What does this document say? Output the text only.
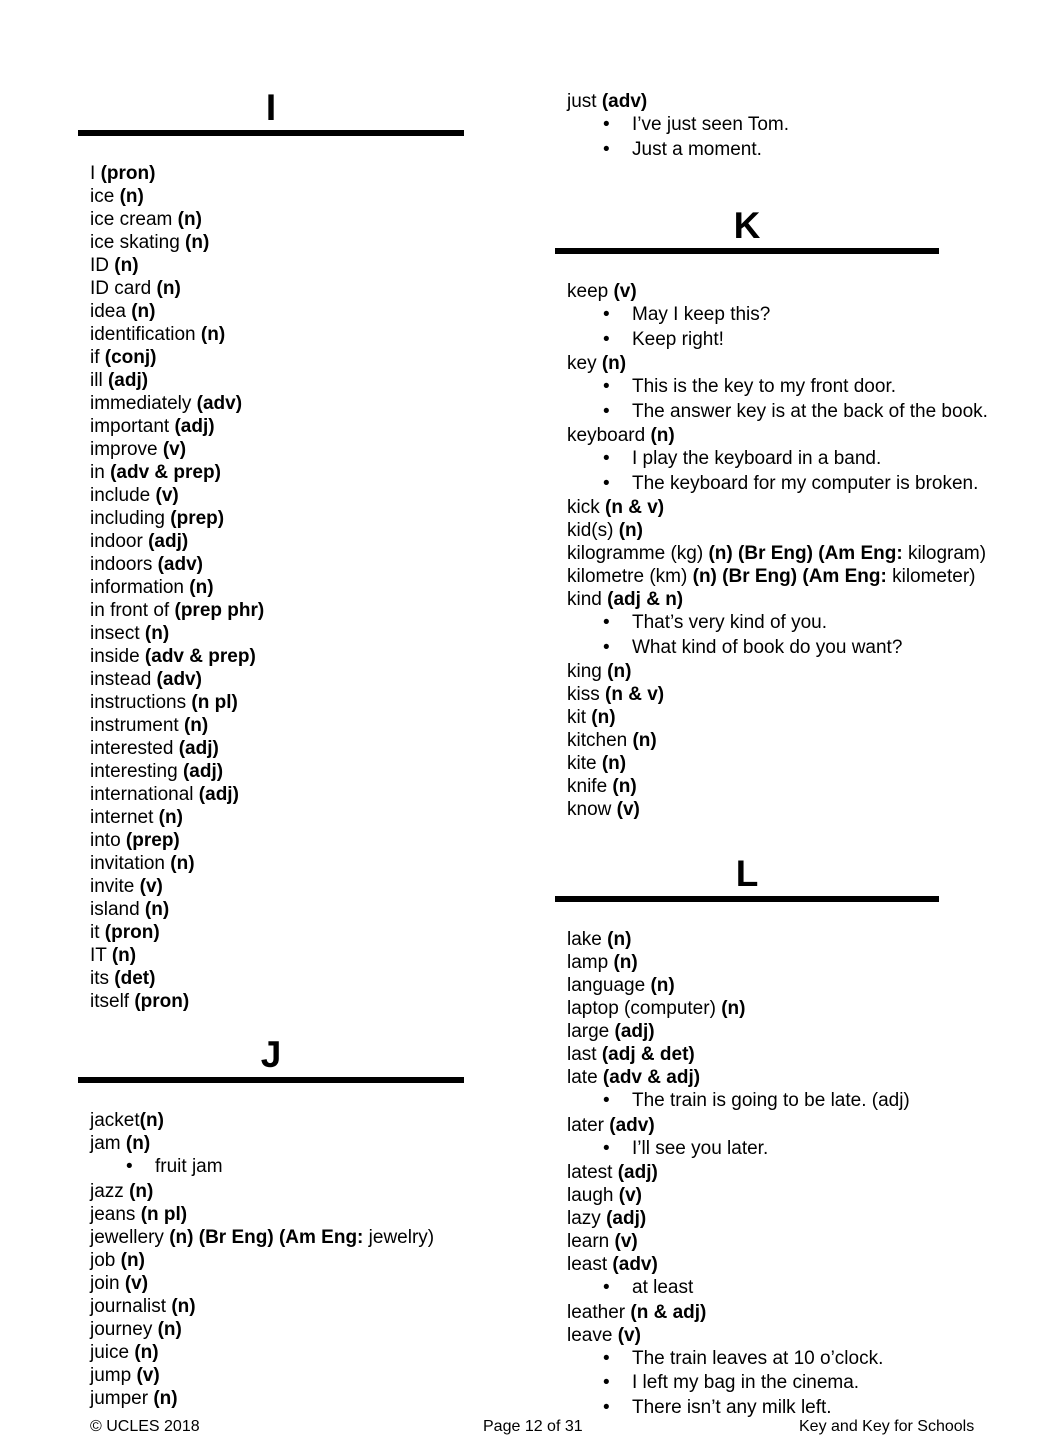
I
I (pron)
ice (n)
ice cream (n)
ice skating (n)
ID (n)
ID card (n)
idea (n)
identification (n)
if (conj)
ill (adj)
immediately (adv)
important (adj)
improve (v)
in (adv & prep)
include (v)
including (prep)
indoor (adj)
indoors (adv)
information (n)
in front of (prep phr)
insect (n)
inside (adv & prep)
instead (adv)
instructions (n pl)
instrument (n)
interested (adj)
interesting (adj)
international (adj)
internet (n)
into (prep)
invitation (n)
invite (v)
island (n)
it (pron)
IT (n)
its (det)
itself (pron)
J
jacket(n)
jam (n)
• fruit jam
jazz (n)
jeans (n pl)
jewellery (n) (Br Eng) (Am Eng: jewelry)
job (n)
join (v)
journalist (n)
journey (n)
juice (n)
jump (v)
jumper (n)
just (adv)
• I’ve just seen Tom.
• Just a moment.
K
keep (v)
• May I keep this?
• Keep right!
key (n)
• This is the key to my front door.
• The answer key is at the back of the book.
keyboard (n)
• I play the keyboard in a band.
• The keyboard for my computer is broken.
kick (n & v)
kid(s) (n)
kilogramme (kg) (n) (Br Eng) (Am Eng: kilogram)
kilometre (km) (n) (Br Eng) (Am Eng: kilometer)
kind (adj & n)
• That’s very kind of you.
• What kind of book do you want?
king (n)
kiss (n & v)
kit (n)
kitchen (n)
kite (n)
knife (n)
know (v)
L
lake (n)
lamp (n)
language (n)
laptop (computer) (n)
large (adj)
last (adj & det)
late (adv & adj)
• The train is going to be late. (adj)
later (adv)
• I’ll see you later.
latest (adj)
laugh (v)
lazy (adj)
learn (v)
least (adv)
• at least
leather (n & adj)
leave (v)
• The train leaves at 10 o’clock.
• I left my bag in the cinema.
• There isn’t any milk left.
© UCLES 2018	Page 12 of 31	Key and Key for Schools
